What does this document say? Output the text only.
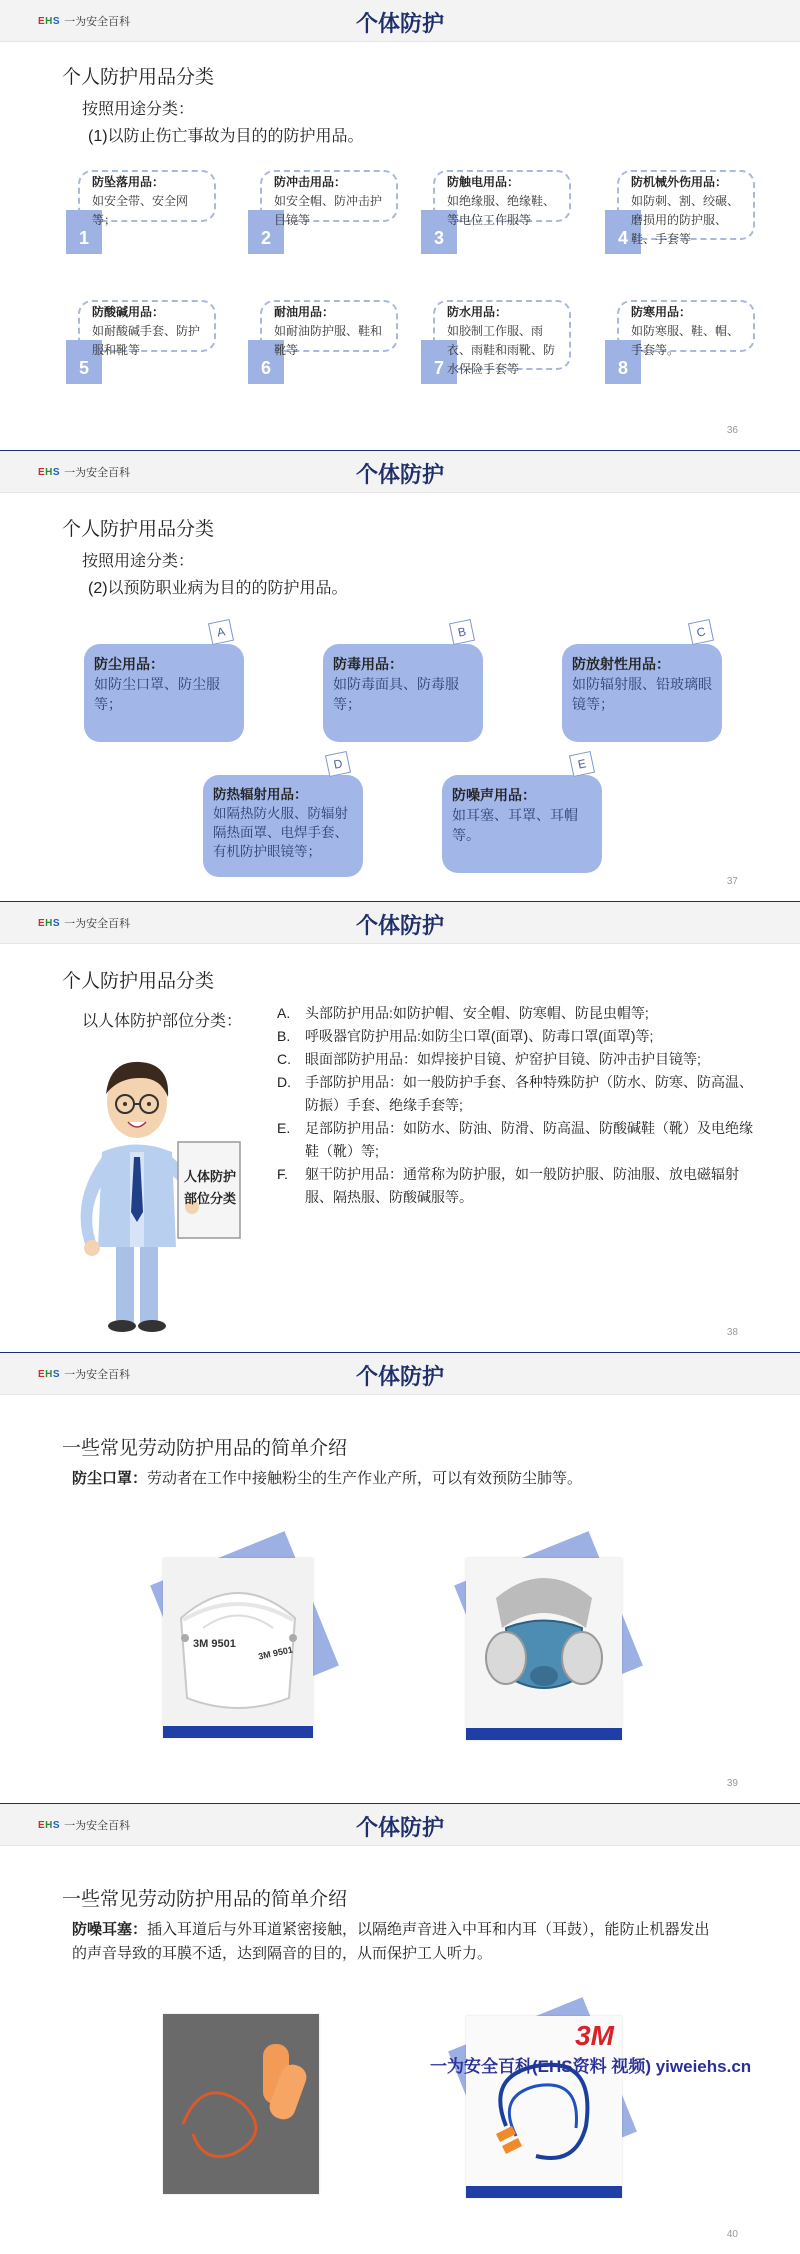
EHS 一为安全百科	个体防护
个人防护用品分类
按照用途分类：
(1)以防止伤亡事故为目的的防护用品。
1
防坠落用品：
如安全带、安全网等；
2
防冲击用品：
如安全帽、防冲击护目镜等
3
防触电用品：
如绝缘服、绝缘鞋、等电位工作服等
4
防机械外伤用品：
如防刺、割、绞碾、磨损用的防护服、鞋、手套等
5
防酸碱用品：
如耐酸碱手套、防护服和靴等
6
耐油用品：
如耐油防护服、鞋和靴等
7
防水用品：
如胶制工作服、雨衣、雨鞋和雨靴、防水保险手套等	8
防寒用品：
如防寒服、鞋、帽、手套等。
36
EHS 一为安全百科	个体防护
个人防护用品分类
按照用途分类：
(2)以预防职业病为目的的防护用品。
防尘用品：
如防尘口罩、防尘服等；
A
防毒用品：
如防毒面具、防毒服等；
B
防放射性用品：
如防辐射服、铅玻璃眼镜等；
C
防热辐射用品：
如隔热防火服、防辐射隔热面罩、电焊手套、有机防护眼镜等；
D
防噪声用品：
如耳塞、耳罩、耳帽等。
E
37
EHS 一为安全百科	个体防护
个人防护用品分类
以人体防护部位分类：
人体防护部位分类
A.	头部防护用品:如防护帽、安全帽、防寒帽、防昆虫帽等;
B.	呼吸器官防护用品:如防尘口罩(面罩)、防毒口罩(面罩)等;
C.	眼面部防护用品：如焊接护目镜、炉窑护目镜、防冲击护目镜等;
D.	手部防护用品：如一般防护手套、各种特殊防护（防水、防寒、防高温、防振）手套、绝缘手套等;
E.	足部防护用品：如防水、防油、防滑、防高温、防酸碱鞋（靴）及电绝缘鞋（靴）等;
F.	躯干防护用品：通常称为防护服，如一般防护服、防油服、放电磁辐射服、隔热服、防酸碱服等。
38
EHS 一为安全百科	个体防护
一些常见劳动防护用品的简单介绍
防尘口罩：劳动者在工作中接触粉尘的生产作业产所，可以有效预防尘肺等。
3M 9501
3M 9501
39
EHS 一为安全百科	个体防护
一些常见劳动防护用品的简单介绍
防噪耳塞：插入耳道后与外耳道紧密接触，以隔绝声音进入中耳和内耳（耳鼓），能防止机器发出的声音导致的耳膜不适，达到隔音的目的，从而保护工人听力。
3M
40
一为安全百科(EHS资料 视频) yiweiehs.cn
